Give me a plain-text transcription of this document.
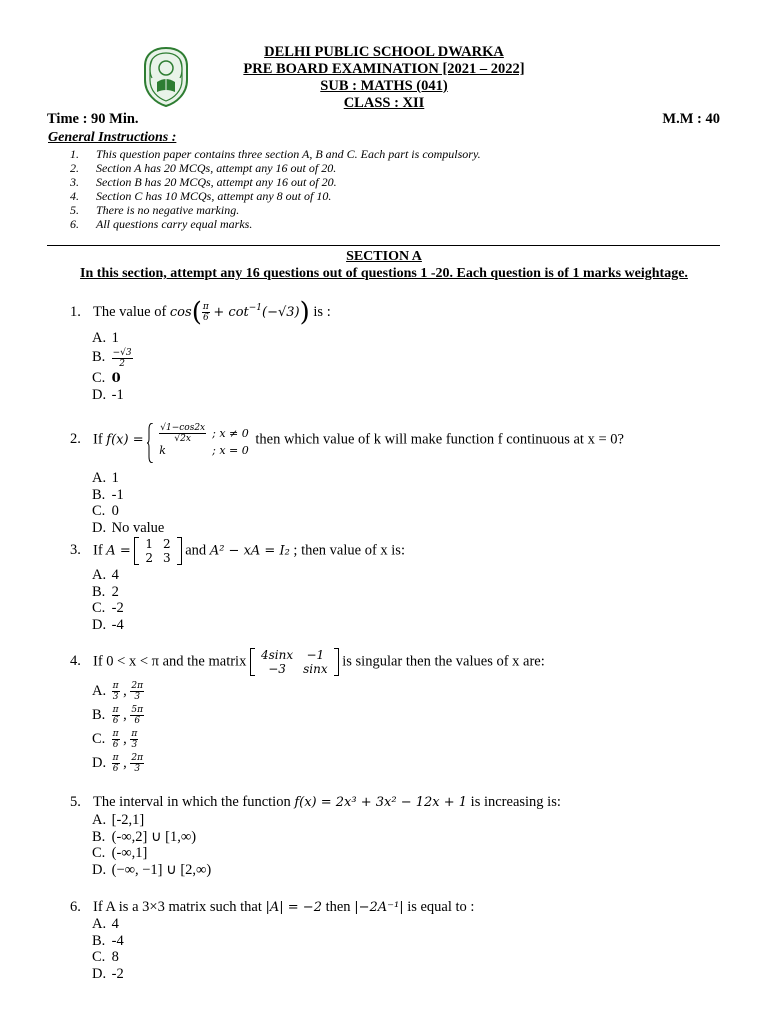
DELHI PUBLIC SCHOOL DWARKA
PRE BOARD EXAMINATION [2021 – 2022]
SUB : MATHS (041)
CLASS : XII
Time : 90 Min.	M.M : 40
General Instructions :
1. This question paper contains three section A, B and C. Each part is compulsory.
2. Section A has 20 MCQs, attempt any 16 out of 20.
3. Section B has 20 MCQs, attempt any 16 out of 20.
4. Section C has 10 MCQs, attempt any 8 out of 10.
5. There is no negative marking.
6. All questions carry equal marks.
SECTION A
In this section, attempt any 16 questions out of questions 1 -20. Each question is of 1 marks weightage.
1. The value of $\cos( \frac{\pi}{6} + \cot^{-1}(-√3))$ is :
A. 1
B. $\frac{-√3}{2}$
C. 0
D. -1
2. If $f(x) = \frac{√1-\cos 2x}{√2x}$	; x ≠ 0
k	; x = 0
then which value of k will make function f continuous at x = 0?
A. 1
B. -1
C. 0
D. No value
3. If A = 1	2
2	3 and A² − xA = I₂ ; then value of x is:
A. 4
B. 2
C. -2
D. -4
4. If 0 < x < π and the matrix 4sinx	−1
−3	sinx is singular then the values of x are:
A. $\frac{\pi}{3}$ , $\frac{2\pi}{3}$
B. $\frac{\pi}{6}$ , $\frac{5\pi}{6}$
C. $\frac{\pi}{6}$ , $\frac{\pi}{3}$
D. $\frac{\pi}{6}$ , $\frac{2\pi}{3}$
5. The interval in which the function f(x) = 2x³ + 3x² − 12x + 1 is increasing is:
A. [-2,1]
B. (-∞,2] ∪ [1,∞)
C. (-∞,1]
D. (−∞, −1] ∪ [2,∞)
6. If A is a 3×3 matrix such that |A| = −2 then |−2A⁻¹| is equal to :
A. 4
B. -4
C. 8
D. -2
